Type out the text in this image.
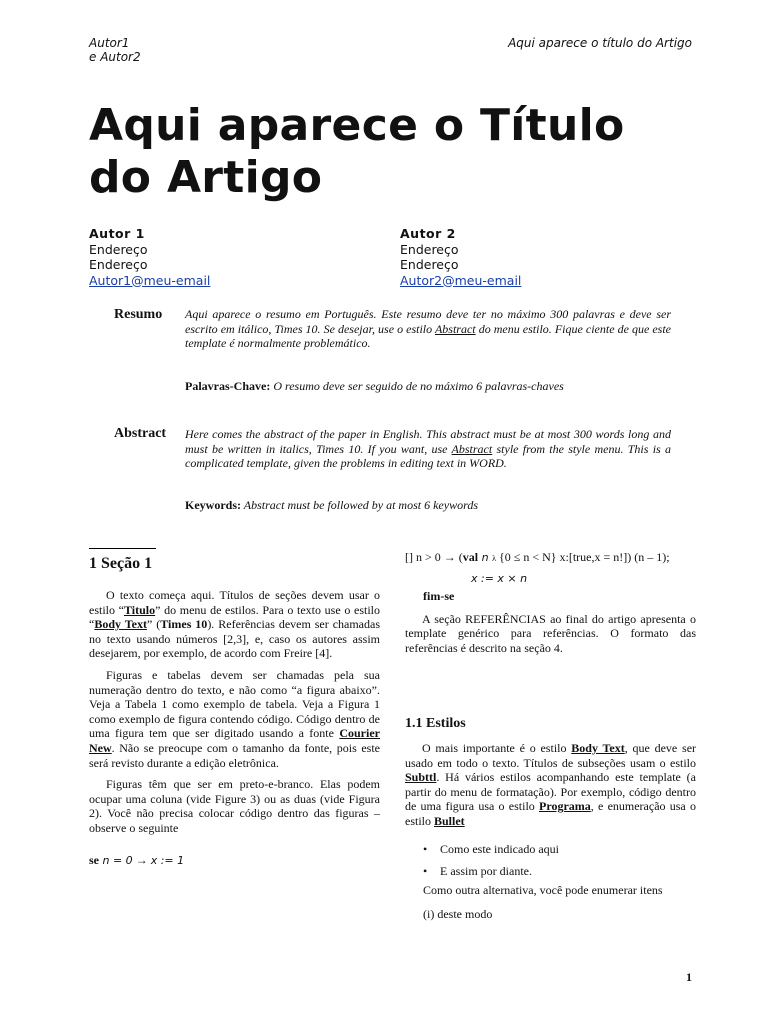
Autor1
e Autor2
Aqui aparece o título do Artigo
Aqui aparece o Título
do Artigo
Autor 1
Endereço
Endereço
Autor1@meu-email
Autor 2
Endereço
Endereço
Autor2@meu-email
Resumo Aqui aparece o resumo em Português. Este resumo deve ter no máximo 300 palavras e deve ser escrito em itálico, Times 10. Se desejar, use o estilo Abstract do menu estilo. Fique ciente de que este template é normalmente problemático.
Palavras-Chave: O resumo deve ser seguido de no máximo 6 palavras-chaves
Abstract Here comes the abstract of the paper in English. This abstract must be at most 300 words long and must be written in italics, Times 10. If you want, use Abstract style from the style menu. This is a complicated template, given the problems in editing text in WORD.
Keywords: Abstract must be followed by at most 6 keywords
1 Seção 1

O texto começa aqui. Títulos de seções devem usar o estilo “Titulo” do menu de estilos. Para o texto use o estilo “Body Text” (Times 10). Referências devem ser chamadas no texto usando números [2,3], e, caso os autores assim desejarem, por exemplo, de acordo com Freire [4].

Figuras e tabelas devem ser chamadas pela sua numeração dentro do texto, e não como “a figura abaixo”. Veja a Tabela 1 como exemplo de tabela. Veja a Figura 1 como exemplo de figura contendo código. Código dentro de uma figura tem que ser digitado usando a fonte Courier New. Não se preocupe com o tamanho da fonte, pois este será revisto durante a edição eletrônica.

Figuras têm que ser em preto-e-branco. Elas podem ocupar uma coluna (vide Figure 3) ou as duas (vide Figura 2). Você não precisa colocar código dentro das figuras – observe o seguinte

se n = 0 → x := 1
[] n > 0 → (val n λ {0 ≤ n < N} x:[true,x = n!]) (n – 1);
x := x × n
fim-se

A seção REFERÊNCIAS ao final do artigo apresenta o template genérico para referências. O formato das referências é descrito na seção 4.

1.1 Estilos

O mais importante é o estilo Body Text, que deve ser usado em todo o texto. Títulos de subseções usam o estilo Subttl. Há vários estilos acompanhando este template (a partir do menu de formatação). Por exemplo, código dentro de uma figura usa o estilo Programa, e enumeração usa o estilo Bullet

• Como este indicado aqui
• E assim por diante.
Como outra alternativa, você pode enumerar itens
(i) deste modo
1
